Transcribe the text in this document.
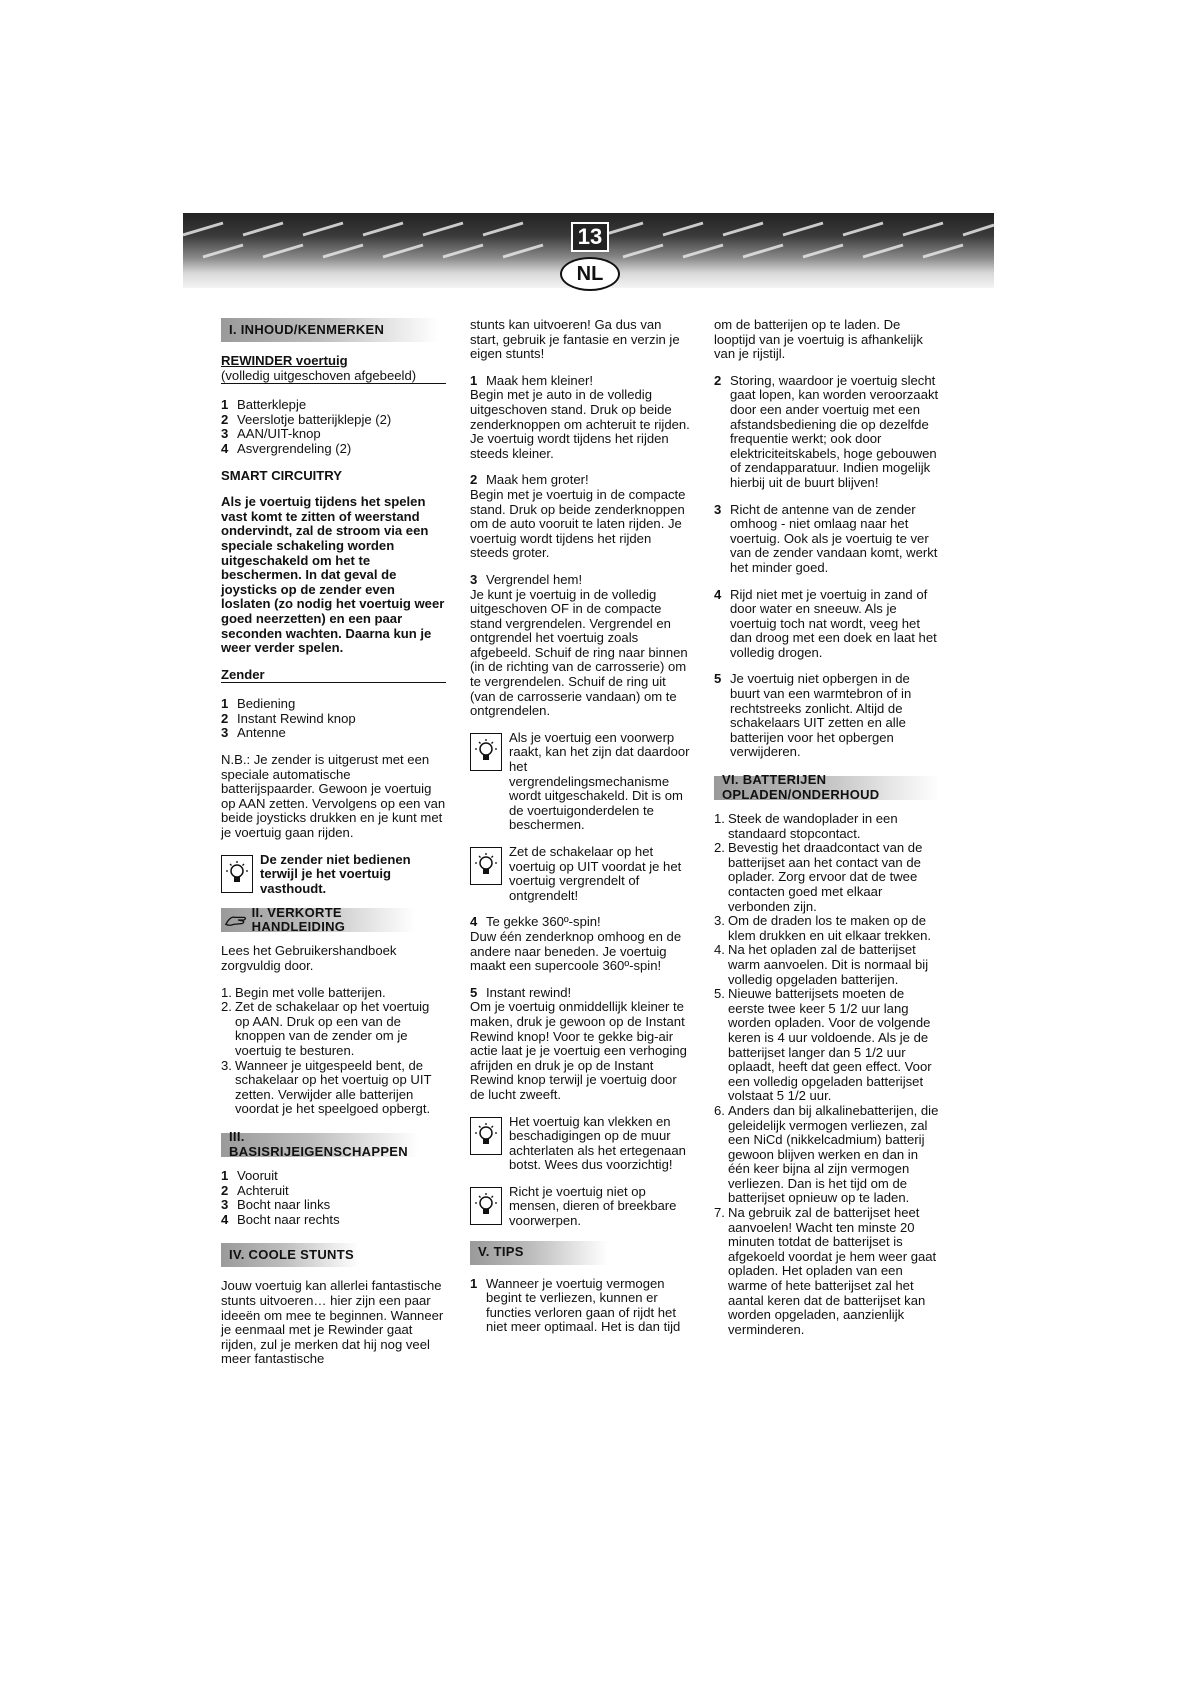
13
NL
I. INHOUD/KENMERKEN
REWINDER voertuig
(volledig uitgeschoven afgebeeld)
1 Batterklepje
2 Veerslotje batterijklepje (2)
3 AAN/UIT-knop
4 Asvergrendeling (2)

SMART CIRCUITRY

Als je voertuig tijdens het spelen vast komt te zitten of weerstand ondervindt, zal de stroom via een speciale schakeling worden uitgeschakeld om het te beschermen. In dat geval de joysticks op de zender even loslaten (zo nodig het voertuig weer goed neerzetten) en een paar seconden wachten. Daarna kun je weer verder spelen.

Zender
1 Bediening
2 Instant Rewind knop
3 Antenne

N.B.: Je zender is uitgerust met een speciale automatische batterijspaarder. Gewoon je voertuig op AAN zetten. Vervolgens op een van beide joysticks drukken en je kunt met je voertuig gaan rijden.

De zender niet bedienen terwijl je het voertuig vasthoudt.
II. VERKORTE HANDLEIDING

Lees het Gebruikershandboek zorgvuldig door.

1. Begin met volle batterijen.
2. Zet de schakelaar op het voertuig op AAN. Druk op een van de knoppen van de zender om je voertuig te besturen.
3. Wanneer je uitgespeeld bent, de schakelaar op het voertuig op UIT zetten. Verwijder alle batterijen voordat je het speelgoed opbergt.
III. BASISRIJEIGENSCHAPPEN
1 Vooruit
2 Achteruit
3 Bocht naar links
4 Bocht naar rechts
IV. COOLE STUNTS

Jouw voertuig kan allerlei fantastische stunts uitvoeren… hier zijn een paar ideeën om mee te beginnen. Wanneer je eenmaal met je Rewinder gaat rijden, zul je merken dat hij nog veel meer fantastische

stunts kan uitvoeren! Ga dus van start, gebruik je fantasie en verzin je eigen stunts!

1 Maak hem kleiner!
Begin met je auto in de volledig uitgeschoven stand. Druk op beide zenderknoppen om achteruit te rijden. Je voertuig wordt tijdens het rijden steeds kleiner.

2 Maak hem groter!
Begin met je voertuig in de compacte stand. Druk op beide zenderknoppen om de auto vooruit te laten rijden. Je voertuig wordt tijdens het rijden steeds groter.

3 Vergrendel hem!
Je kunt je voertuig in de volledig uitgeschoven OF in de compacte stand vergrendelen. Vergrendel en ontgrendel het voertuig zoals afgebeeld. Schuif de ring naar binnen (in de richting van de carrosserie) om te vergrendelen. Schuif de ring uit (van de carrosserie vandaan) om te ontgrendelen.

Als je voertuig een voorwerp raakt, kan het zijn dat daardoor het vergrendelingsmechanisme wordt uitgeschakeld. Dit is om de voertuigonderdelen te beschermen.
Zet de schakelaar op het voertuig op UIT voordat je het voertuig vergrendelt of ontgrendelt!

4 Te gekke 360º-spin!
Duw één zenderknop omhoog en de andere naar beneden. Je voertuig maakt een supercoole 360º-spin!

5 Instant rewind!
Om je voertuig onmiddellijk kleiner te maken, druk je gewoon op de Instant Rewind knop! Voor te gekke big-air actie laat je je voertuig een verhoging afrijden en druk je op de Instant Rewind knop terwijl je voertuig door de lucht zweeft.

Het voertuig kan vlekken en beschadigingen op de muur achterlaten als het ertegenaan botst. Wees dus voorzichtig!
Richt je voertuig niet op mensen, dieren of breekbare voorwerpen.
V. TIPS
1 Wanneer je voertuig vermogen begint te verliezen, kunnen er functies verloren gaan of rijdt het niet meer optimaal. Het is dan tijd

om de batterijen op te laden. De looptijd van je voertuig is afhankelijk van je rijstijl.

2 Storing, waardoor je voertuig slecht gaat lopen, kan worden veroorzaakt door een ander voertuig met een afstandsbediening die op dezelfde frequentie werkt; ook door elektriciteitskabels, hoge gebouwen of zendapparatuur. Indien mogelijk hierbij uit de buurt blijven!
3 Richt de antenne van de zender omhoog - niet omlaag naar het voertuig. Ook als je voertuig te ver van de zender vandaan komt, werkt het minder goed.
4 Rijd niet met je voertuig in zand of door water en sneeuw. Als je voertuig toch nat wordt, veeg het dan droog met een doek en laat het volledig drogen.
5 Je voertuig niet opbergen in de buurt van een warmtebron of in rechtstreeks zonlicht. Altijd de schakelaars UIT zetten en alle batterijen voor het opbergen verwijderen.
VI. BATTERIJEN OPLADEN/ONDERHOUD
1. Steek de wandoplader in een standaard stopcontact.
2. Bevestig het draadcontact van de batterijset aan het contact van de oplader. Zorg ervoor dat de twee contacten goed met elkaar verbonden zijn.
3. Om de draden los te maken op de klem drukken en uit elkaar trekken.
4. Na het opladen zal de batterijset warm aanvoelen. Dit is normaal bij volledig opgeladen batterijen.
5. Nieuwe batterijsets moeten de eerste twee keer 5 1/2 uur lang worden opladen. Voor de volgende keren is 4 uur voldoende. Als je de batterijset langer dan 5 1/2 uur oplaadt, heeft dat geen effect. Voor een volledig opgeladen batterijset volstaat 5 1/2 uur.
6. Anders dan bij alkalinebatterijen, die geleidelijk vermogen verliezen, zal een NiCd (nikkelcadmium) batterij gewoon blijven werken en dan in één keer bijna al zijn vermogen verliezen. Dan is het tijd om de batterijset opnieuw op te laden.
7. Na gebruik zal de batterijset heet aanvoelen! Wacht ten minste 20 minuten totdat de batterijset is afgekoeld voordat je hem weer gaat opladen. Het opladen van een warme of hete batterijset zal het aantal keren dat de batterijset kan worden opgeladen, aanzienlijk verminderen.
